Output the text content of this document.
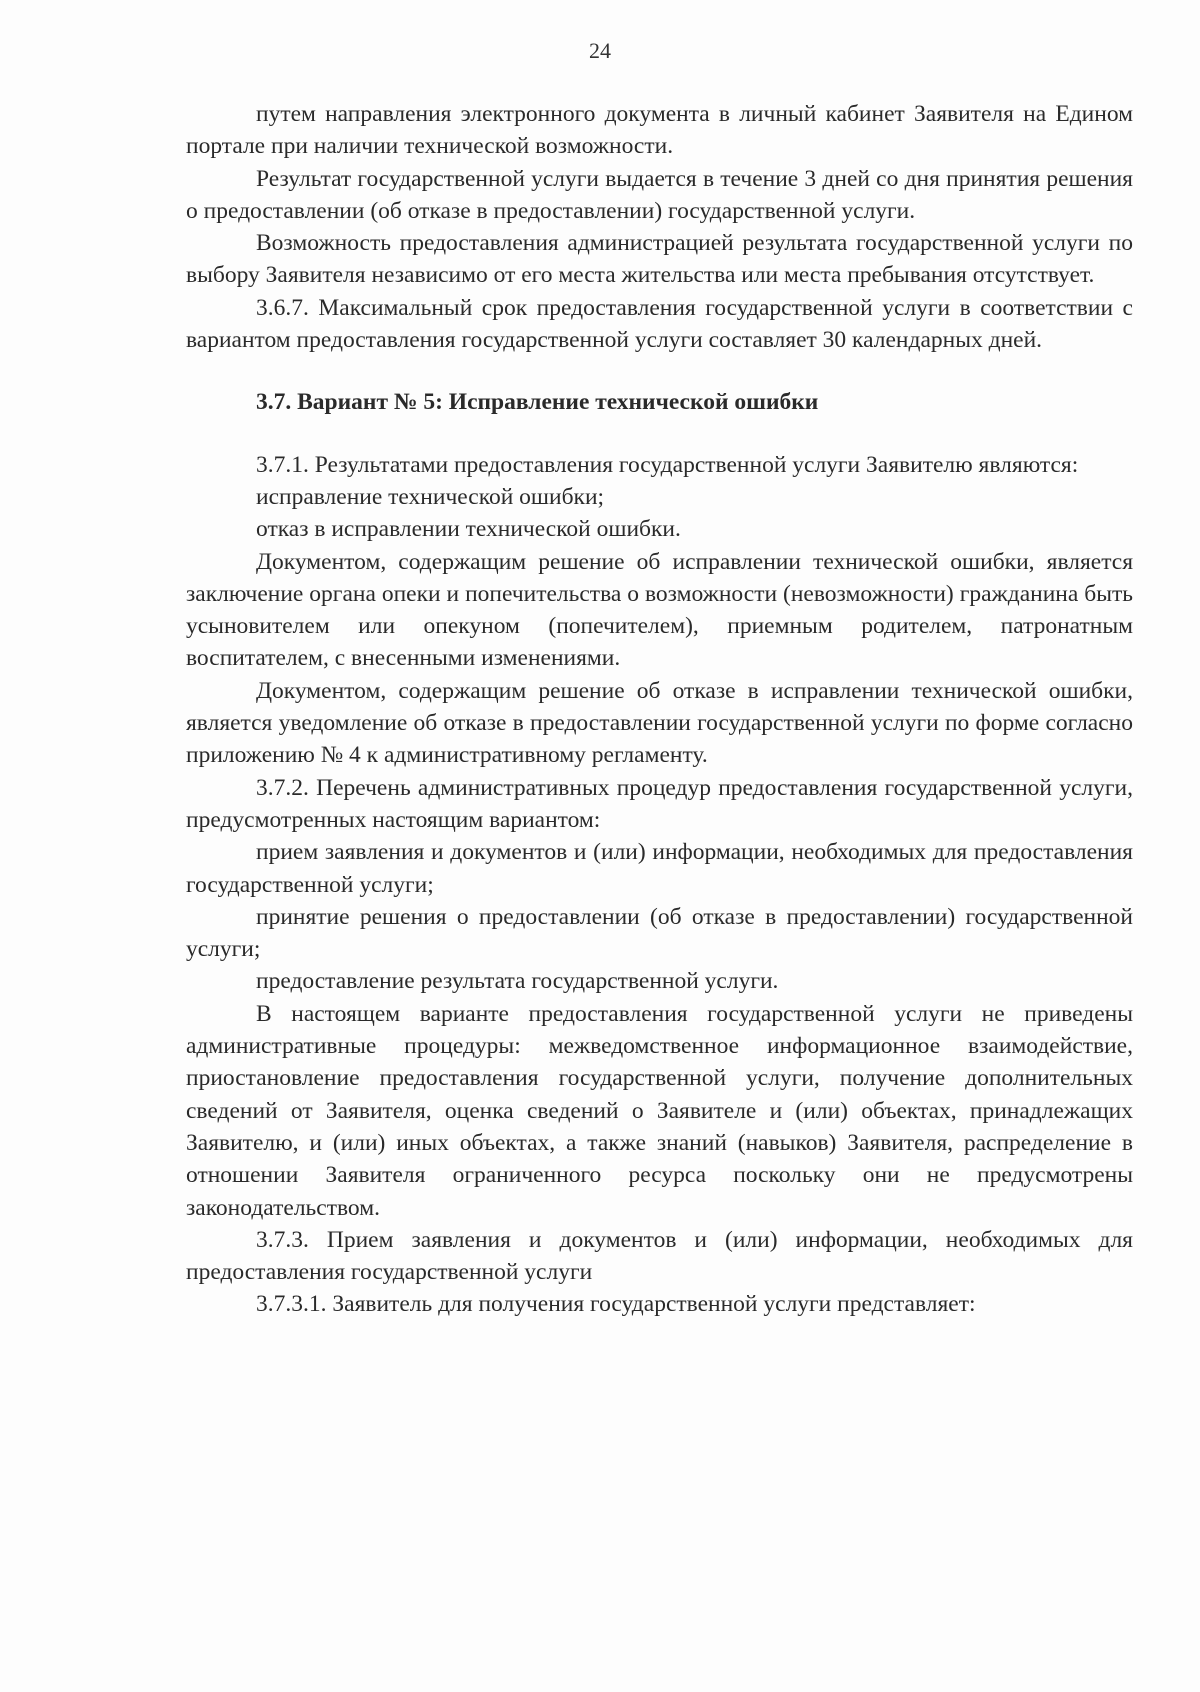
24

путем направления электронного документа в личный кабинет Заявителя на Едином портале при наличии технической возможности.

Результат государственной услуги выдается в течение 3 дней со дня принятия решения о предоставлении (об отказе в предоставлении) государственной услуги.

Возможность предоставления администрацией результата государственной услуги по выбору Заявителя независимо от его места жительства или места пребывания отсутствует.

3.6.7. Максимальный срок предоставления государственной услуги в соответствии с вариантом предоставления государственной услуги составляет 30 календарных дней.

3.7. Вариант № 5: Исправление технической ошибки

3.7.1. Результатами предоставления государственной услуги Заявителю являются:

исправление технической ошибки;

отказ в исправлении технической ошибки.

Документом, содержащим решение об исправлении технической ошибки, является заключение органа опеки и попечительства о возможности (невозможности) гражданина быть усыновителем или опекуном (попечителем), приемным родителем, патронатным воспитателем, с внесенными изменениями.

Документом, содержащим решение об отказе в исправлении технической ошибки, является уведомление об отказе в предоставлении государственной услуги по форме согласно приложению № 4 к административному регламенту.

3.7.2. Перечень административных процедур предоставления государственной услуги, предусмотренных настоящим вариантом:

прием заявления и документов и (или) информации, необходимых для предоставления государственной услуги;

принятие решения о предоставлении (об отказе в предоставлении) государственной услуги;

предоставление результата государственной услуги.

В настоящем варианте предоставления государственной услуги не приведены административные процедуры: межведомственное информационное взаимодействие, приостановление предоставления государственной услуги, получение дополнительных сведений от Заявителя, оценка сведений о Заявителе и (или) объектах, принадлежащих Заявителю, и (или) иных объектах, а также знаний (навыков) Заявителя, распределение в отношении Заявителя ограниченного ресурса поскольку они не предусмотрены законодательством.

3.7.3. Прием заявления и документов и (или) информации, необходимых для предоставления государственной услуги

3.7.3.1. Заявитель для получения государственной услуги представляет:
